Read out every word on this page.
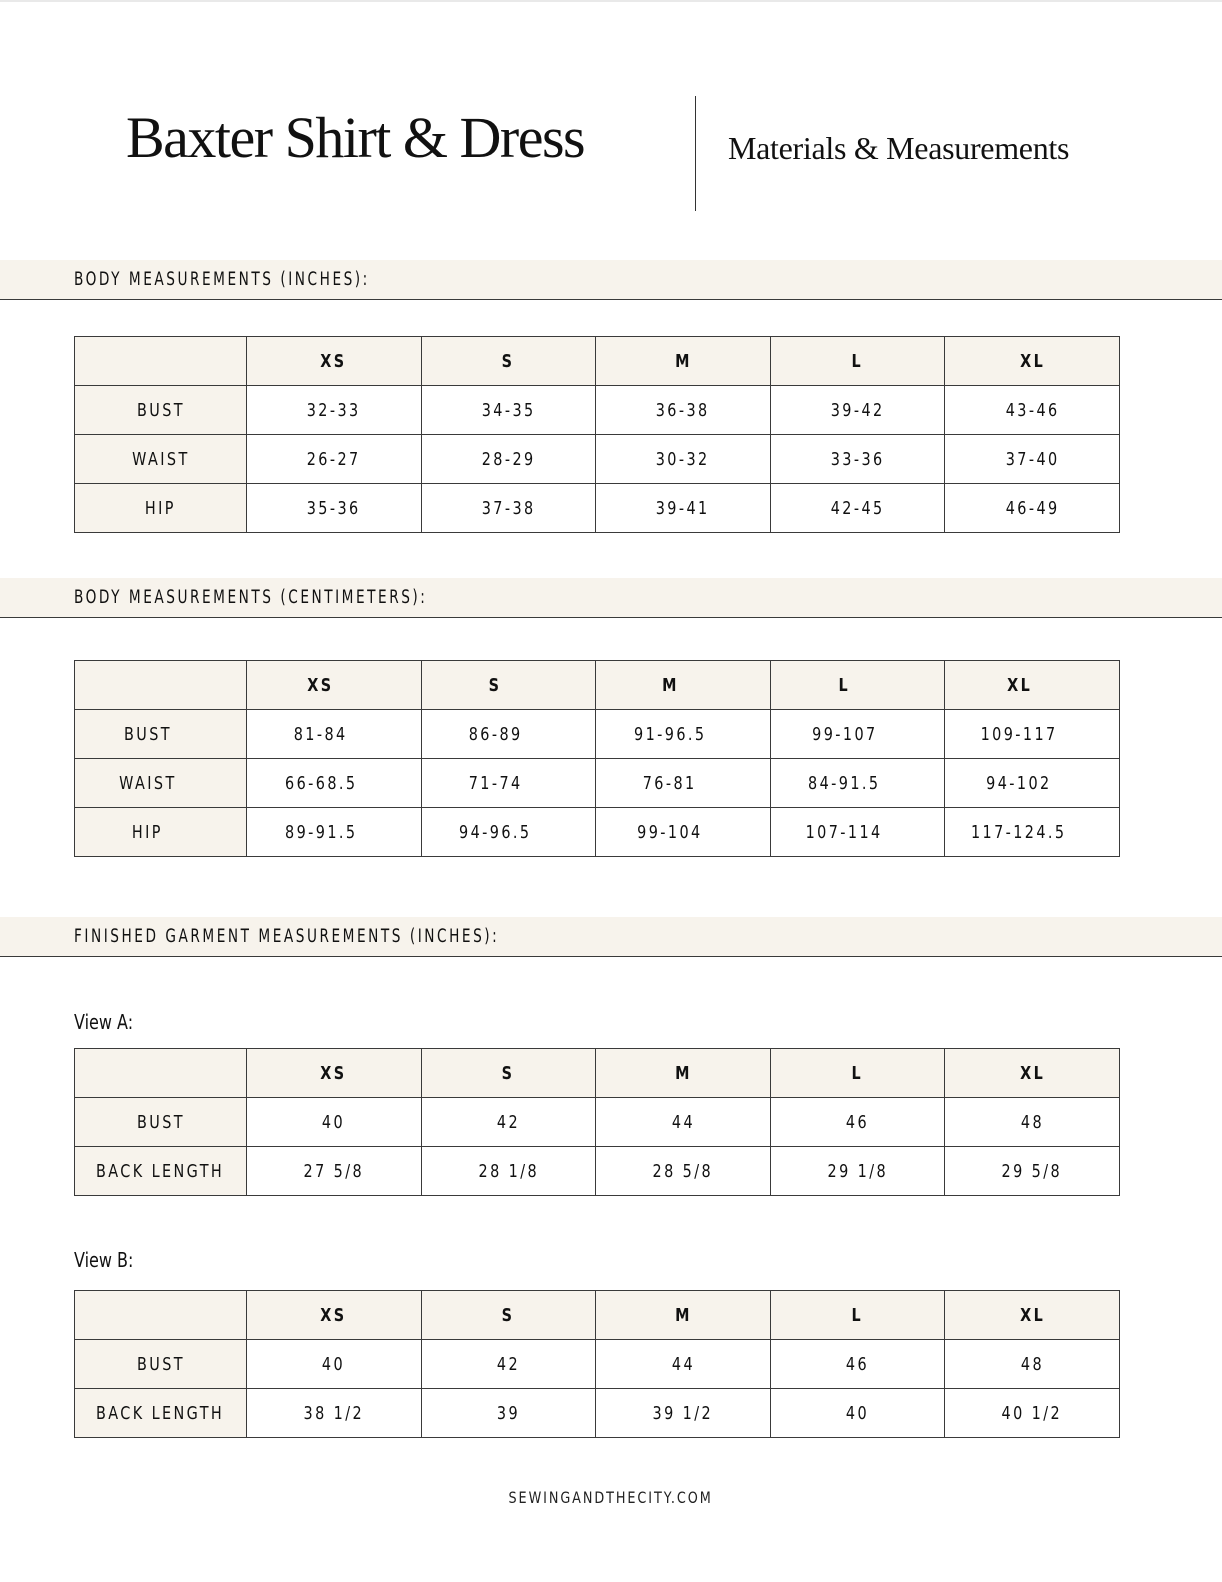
Baxter Shirt & Dress	Materials & Measurements
BODY MEASUREMENTS (INCHES):
	XS	S	M	L	XL
BUST	32-33	34-35	36-38	39-42	43-46
WAIST	26-27	28-29	30-32	33-36	37-40
HIP	35-36	37-38	39-41	42-45	46-49
BODY MEASUREMENTS (CENTIMETERS):
	XS	S	M	L	XL
BUST	81-84	86-89	91-96.5	99-107	109-117
WAIST	66-68.5	71-74	76-81	84-91.5	94-102
HIP	89-91.5	94-96.5	99-104	107-114	117-124.5
FINISHED GARMENT MEASUREMENTS (INCHES):
View A:
	XS	S	M	L	XL
BUST	40	42	44	46	48
BACK LENGTH	27 5/8	28 1/8	28 5/8	29 1/8	29 5/8
View B:
	XS	S	M	L	XL
BUST	40	42	44	46	48
BACK LENGTH	38 1/2	39	39 1/2	40	40 1/2
SEWINGANDTHECITY.COM
